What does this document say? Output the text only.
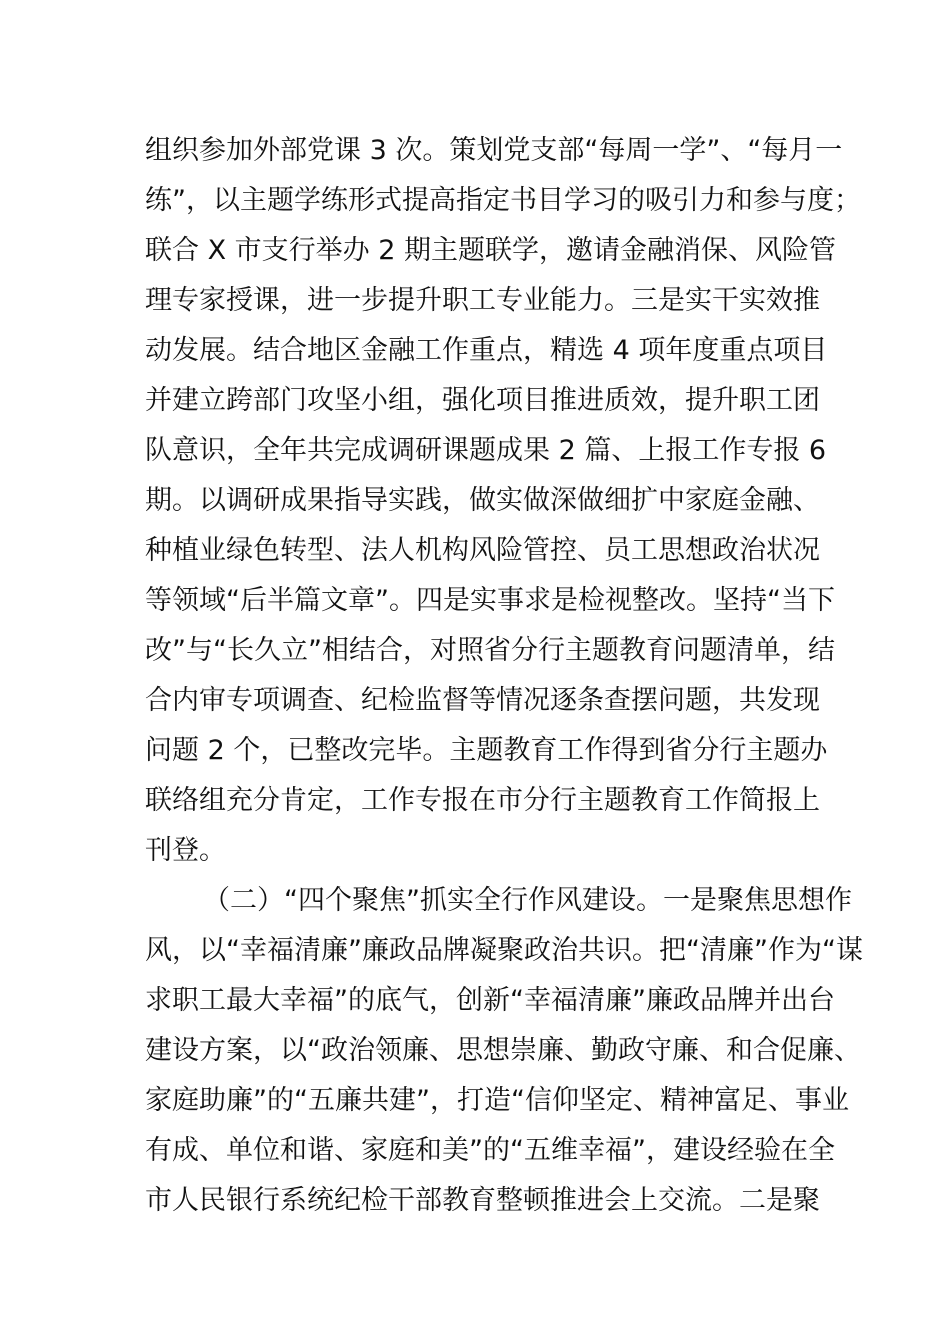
组织参加外部党课 3 次。策划党支部“每周一学”、“每月一
练”，以主题学练形式提高指定书目学习的吸引力和参与度；
联合 X 市支行举办 2 期主题联学，邀请金融消保、风险管
理专家授课，进一步提升职工专业能力。三是实干实效推
动发展。结合地区金融工作重点，精选 4 项年度重点项目
并建立跨部门攻坚小组，强化项目推进质效，提升职工团
队意识，全年共完成调研课题成果 2 篇、上报工作专报 6
期。以调研成果指导实践，做实做深做细扩中家庭金融、
种植业绿色转型、法人机构风险管控、员工思想政治状况
等领域“后半篇文章”。四是实事求是检视整改。坚持“当下
改”与“长久立”相结合，对照省分行主题教育问题清单，结
合内审专项调查、纪检监督等情况逐条查摆问题，共发现
问题 2 个，已整改完毕。主题教育工作得到省分行主题办
联络组充分肯定，工作专报在市分行主题教育工作简报上
刊登。
（二）“四个聚焦”抓实全行作风建设。一是聚焦思想作
风，以“幸福清廉”廉政品牌凝聚政治共识。把“清廉”作为“谋
求职工最大幸福”的底气，创新“幸福清廉”廉政品牌并出台
建设方案，以“政治领廉、思想崇廉、勤政守廉、和合促廉、
家庭助廉”的“五廉共建”，打造“信仰坚定、精神富足、事业
有成、单位和谐、家庭和美”的“五维幸福”，建设经验在全
市人民银行系统纪检干部教育整顿推进会上交流。二是聚
